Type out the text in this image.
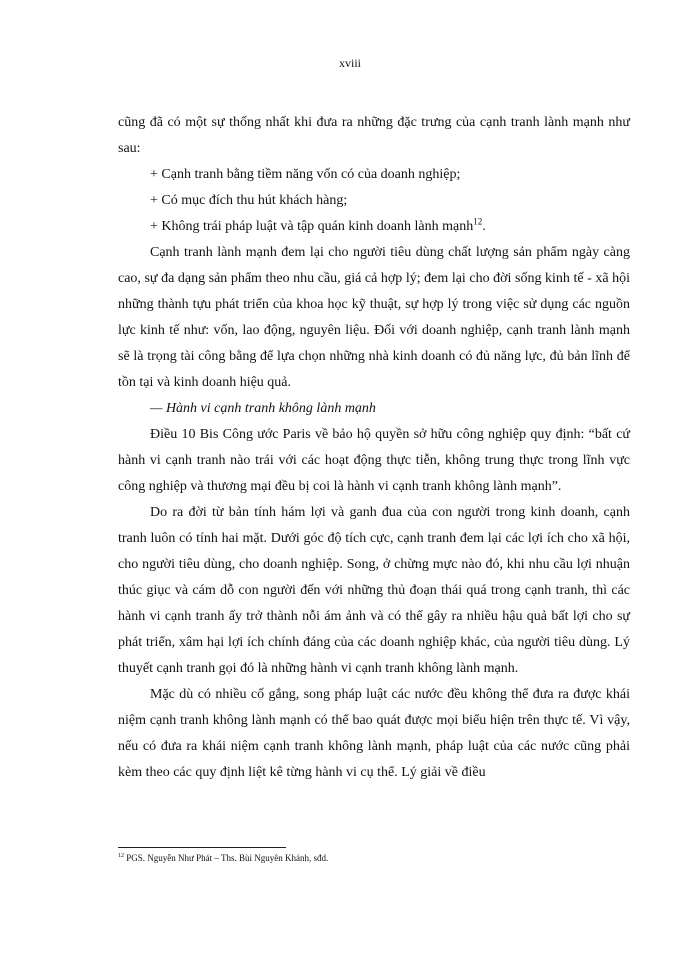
xviii

cũng đã có một sự thống nhất khi đưa ra những đặc trưng của cạnh tranh lành mạnh như sau:

+ Cạnh tranh bằng tiềm năng vốn có của doanh nghiệp;

+ Có mục đích thu hút khách hàng;

+ Không trái pháp luật và tập quán kinh doanh lành mạnh$^{12}$.

Cạnh tranh lành mạnh đem lại cho người tiêu dùng chất lượng sản phẩm ngày càng cao, sự đa dạng sản phẩm theo nhu cầu, giá cả hợp lý; đem lại cho đời sống kinh tế - xã hội những thành tựu phát triển của khoa học kỹ thuật, sự hợp lý trong việc sử dụng các nguồn lực kinh tế như: vốn, lao động, nguyên liệu. Đối với doanh nghiệp, cạnh tranh lành mạnh sẽ là trọng tài công bằng để lựa chọn những nhà kinh doanh có đủ năng lực, đủ bản lĩnh để tồn tại và kinh doanh hiệu quả.

— Hành vi cạnh tranh không lành mạnh

Điều 10 Bis Công ước Paris về bảo hộ quyền sở hữu công nghiệp quy định: “bất cứ hành vi cạnh tranh nào trái với các hoạt động thực tiễn, không trung thực trong lĩnh vực công nghiệp và thương mại đều bị coi là hành vi cạnh tranh không lành mạnh”.

Do ra đời từ bản tính hám lợi và ganh đua của con người trong kinh doanh, cạnh tranh luôn có tính hai mặt. Dưới góc độ tích cực, cạnh tranh đem lại các lợi ích cho xã hội, cho người tiêu dùng, cho doanh nghiệp. Song, ở chừng mực nào đó, khi nhu cầu lợi nhuận thúc giục và cám dỗ con người đến với những thủ đoạn thái quá trong cạnh tranh, thì các hành vi cạnh tranh ấy trở thành nỗi ám ảnh và có thể gây ra nhiều hậu quả bất lợi cho sự phát triển, xâm hại lợi ích chính đáng của các doanh nghiệp khác, của người tiêu dùng. Lý thuyết cạnh tranh gọi đó là những hành vi cạnh tranh không lành mạnh.

Mặc dù có nhiều cố gắng, song pháp luật các nước đều không thể đưa ra được khái niệm cạnh tranh không lành mạnh có thể bao quát được mọi biểu hiện trên thực tế. Vì vậy, nếu có đưa ra khái niệm cạnh tranh không lành mạnh, pháp luật của các nước cũng phải kèm theo các quy định liệt kê từng hành vi cụ thể. Lý giải về điều

$^{12}$ PGS. Nguyễn Như Phát – Ths. Bùi Nguyên Khánh, sđd.
